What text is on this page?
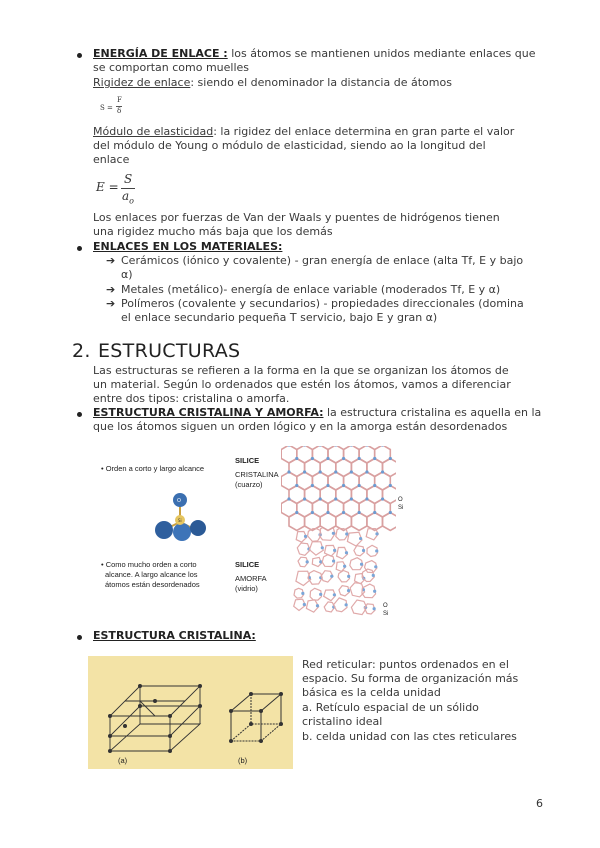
ENERGÍA DE ENLACE : los átomos se mantienen unidos mediante enlaces que
se comportan como muelles
Rigidez de enlace: siendo el denominador la distancia de átomos
S =
F
δ
Módulo de elasticidad: la rigidez del enlace determina en gran parte el valor
del módulo de Young o módulo de elasticidad, siendo ao la longitud del
enlace
E =
S
$a_o$
Los enlaces por fuerzas de Van der Waals y puentes de hidrógenos tienen
una rigidez mucho más baja que los demás
ENLACES EN LOS MATERIALES:
➔ Cerámicos (iónico y covalente) - gran energía de enlace (alta Tf, E y bajo
α)
➔ Metales (metálico)- energía de enlace variable (moderados Tf, E y α)
➔ Polímeros (covalente y secundarios) - propiedades direccionales (domina
el enlace secundario pequeña T servicio, bajo E y gran α)
2. ESTRUCTURAS
Las estructuras se refieren a la forma en la que se organizan los átomos de
un material. Según lo ordenados que estén los átomos, vamos a diferenciar
entre dos tipos: cristalina o amorfa.
ESTRUCTURA CRISTALINA Y AMORFA: la estructura cristalina es aquella en la
que los átomos siguen un orden lógico y en la amorga están desordenados
• Orden a corto y largo alcance
• Como mucho orden a corto
alcance. A largo alcance los
átomos están desordenados
SILICE
CRISTALINA
(cuarzo)
SILICE
AMORFA
(vidrio)
O
Si
O
Si
O
Si
ESTRUCTURA CRISTALINA:
(a)	(b)
Red reticular: puntos ordenados en el
espacio. Su forma de organización más
básica es la celda unidad
a. Retículo espacial de un sólido
cristalino ideal
b. celda unidad con las ctes reticulares
6
